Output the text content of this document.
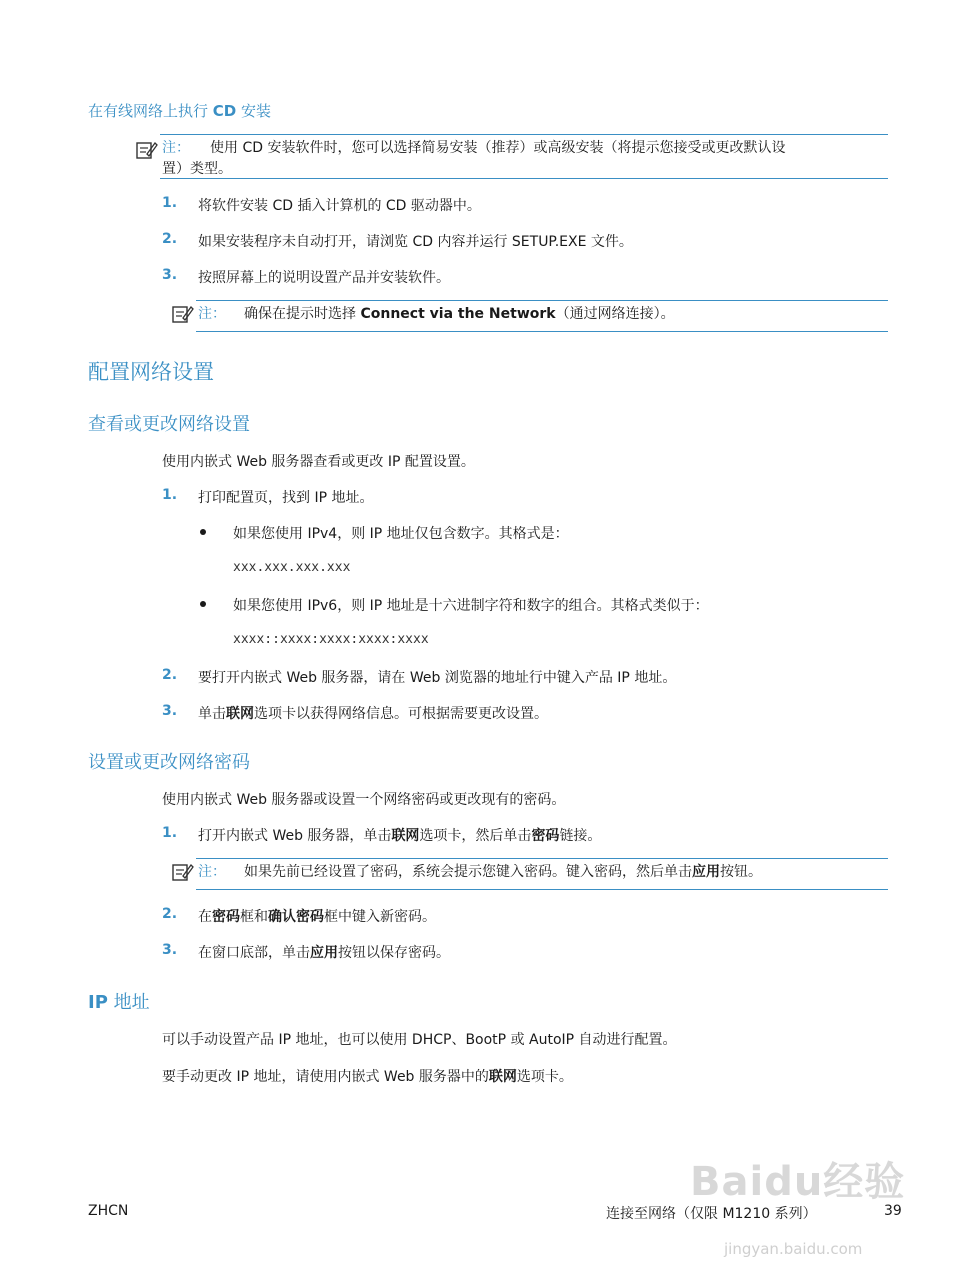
在有线网络上执行 CD 安装
注： 使用 CD 安装软件时，您可以选择简易安装（推荐）或高级安装（将提示您接受或更改默认设
置）类型。
1. 将软件安装 CD 插入计算机的 CD 驱动器中。
2. 如果安装程序未自动打开，请浏览 CD 内容并运行 SETUP.EXE 文件。
3. 按照屏幕上的说明设置产品并安装软件。
注： 确保在提示时选择 Connect via the Network（通过网络连接）。
配置网络设置
查看或更改网络设置
使用内嵌式 Web 服务器查看或更改 IP 配置设置。
1. 打印配置页，找到 IP 地址。
如果您使用 IPv4，则 IP 地址仅包含数字。其格式是：
xxx.xxx.xxx.xxx
如果您使用 IPv6，则 IP 地址是十六进制字符和数字的组合。其格式类似于：
xxxx::xxxx:xxxx:xxxx:xxxx
2. 要打开内嵌式 Web 服务器，请在 Web 浏览器的地址行中键入产品 IP 地址。
3. 单击联网选项卡以获得网络信息。可根据需要更改设置。
设置或更改网络密码
使用内嵌式 Web 服务器或设置一个网络密码或更改现有的密码。
1. 打开内嵌式 Web 服务器，单击联网选项卡，然后单击密码链接。
注： 如果先前已经设置了密码，系统会提示您键入密码。键入密码，然后单击应用按钮。
2. 在密码框和确认密码框中键入新密码。
3. 在窗口底部，单击应用按钮以保存密码。
IP 地址
可以手动设置产品 IP 地址，也可以使用 DHCP、BootP 或 AutoIP 自动进行配置。
要手动更改 IP 地址，请使用内嵌式 Web 服务器中的联网选项卡。
Baidu经验
jingyan.baidu.com
ZHCN	连接至网络（仅限 M1210 系列）	39
